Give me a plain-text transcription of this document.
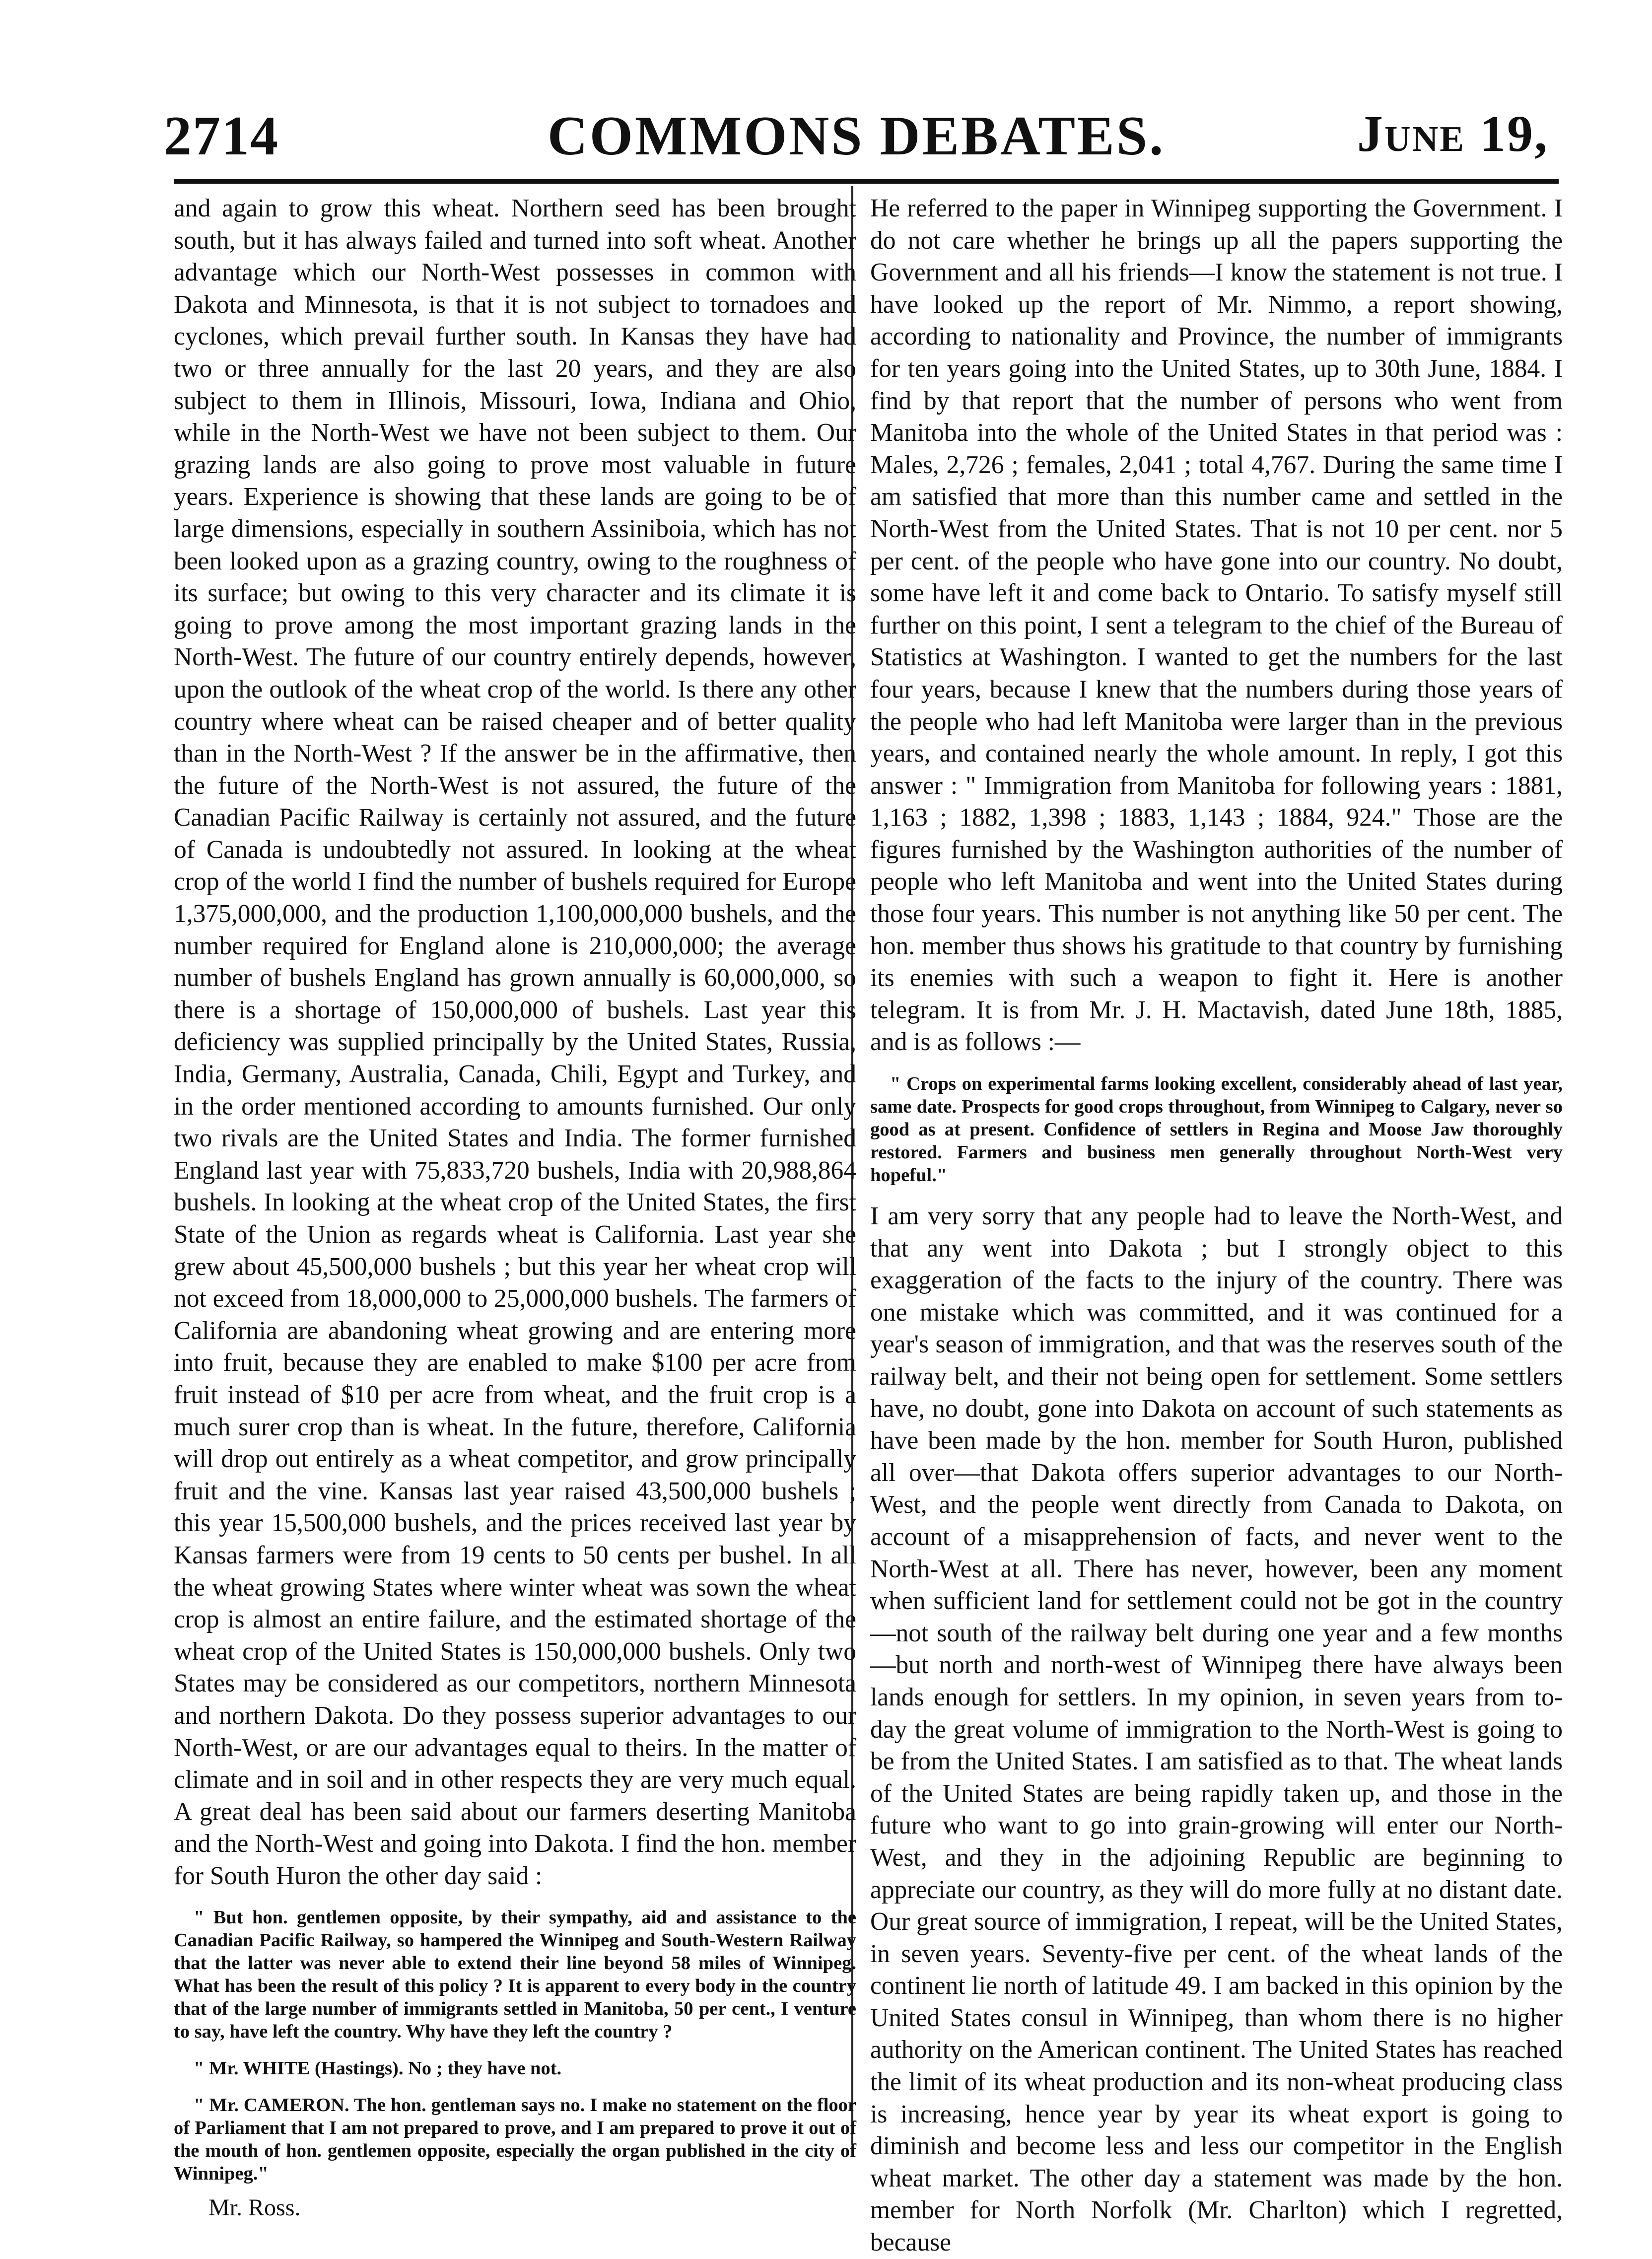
2714	COMMONS DEBATES.	June 19,

and again to grow this wheat. Northern seed has been brought south, but it has always failed and turned into soft wheat. Another advantage which our North-West possesses in common with Dakota and Minnesota, is that it is not subject to tornadoes and cyclones, which prevail further south. In Kansas they have had two or three annually for the last 20 years, and they are also subject to them in Illinois, Missouri, Iowa, Indiana and Ohio, while in the North-West we have not been subject to them. Our grazing lands are also going to prove most valuable in future years. Experience is showing that these lands are going to be of large dimensions, especially in southern Assiniboia, which has not been looked upon as a grazing country, owing to the roughness of its surface; but owing to this very character and its climate it is going to prove among the most important grazing lands in the North-West. The future of our country entirely depends, however, upon the outlook of the wheat crop of the world. Is there any other country where wheat can be raised cheaper and of better quality than in the North-West ? If the answer be in the affirmative, then the future of the North-West is not assured, the future of the Canadian Pacific Railway is certainly not assured, and the future of Canada is undoubtedly not assured. In looking at the wheat crop of the world I find the number of bushels required for Europe 1,375,000,000, and the production 1,100,000,000 bushels, and the number required for England alone is 210,000,000; the average number of bushels England has grown annually is 60,000,000, so there is a shortage of 150,000,000 of bushels. Last year this deficiency was supplied principally by the United States, Russia, India, Germany, Australia, Canada, Chili, Egypt and Turkey, and in the order mentioned according to amounts furnished. Our only two rivals are the United States and India. The former furnished England last year with 75,833,720 bushels, India with 20,988,864 bushels. In looking at the wheat crop of the United States, the first State of the Union as regards wheat is California. Last year she grew about 45,500,000 bushels ; but this year her wheat crop will not exceed from 18,000,000 to 25,000,000 bushels. The farmers of California are abandoning wheat growing and are entering more into fruit, because they are enabled to make $100 per acre from fruit instead of $10 per acre from wheat, and the fruit crop is a much surer crop than is wheat. In the future, therefore, California will drop out entirely as a wheat competitor, and grow principally fruit and the vine. Kansas last year raised 43,500,000 bushels ; this year 15,500,000 bushels, and the prices received last year by Kansas farmers were from 19 cents to 50 cents per bushel. In all the wheat growing States where winter wheat was sown the wheat crop is almost an entire failure, and the estimated shortage of the wheat crop of the United States is 150,000,000 bushels. Only two States may be considered as our competitors, northern Minnesota and northern Dakota. Do they possess superior advantages to our North-West, or are our advantages equal to theirs. In the matter of climate and in soil and in other respects they are very much equal. A great deal has been said about our farmers deserting Manitoba and the North-West and going into Dakota. I find the hon. member for South Huron the other day said :

" But hon. gentlemen opposite, by their sympathy, aid and assistance to the Canadian Pacific Railway, so hampered the Winnipeg and South-Western Railway that the latter was never able to extend their line beyond 58 miles of Winnipeg. What has been the result of this policy ? It is apparent to every body in the country that of the large number of immigrants settled in Manitoba, 50 per cent., I venture to say, have left the country. Why have they left the country ?

" Mr. WHITE (Hastings). No ; they have not.

" Mr. CAMERON. The hon. gentleman says no. I make no statement on the floor of Parliament that I am not prepared to prove, and I am prepared to prove it out of the mouth of hon. gentlemen opposite, especially the organ published in the city of Winnipeg."

Mr. Ross.

He referred to the paper in Winnipeg supporting the Government. I do not care whether he brings up all the papers supporting the Government and all his friends—I know the statement is not true. I have looked up the report of Mr. Nimmo, a report showing, according to nationality and Province, the number of immigrants for ten years going into the United States, up to 30th June, 1884. I find by that report that the number of persons who went from Manitoba into the whole of the United States in that period was : Males, 2,726 ; females, 2,041 ; total 4,767. During the same time I am satisfied that more than this number came and settled in the North-West from the United States. That is not 10 per cent. nor 5 per cent. of the people who have gone into our country. No doubt, some have left it and come back to Ontario. To satisfy myself still further on this point, I sent a telegram to the chief of the Bureau of Statistics at Washington. I wanted to get the numbers for the last four years, because I knew that the numbers during those years of the people who had left Manitoba were larger than in the previous years, and contained nearly the whole amount. In reply, I got this answer : " Immigration from Manitoba for following years : 1881, 1,163 ; 1882, 1,398 ; 1883, 1,143 ; 1884, 924." Those are the figures furnished by the Washington authorities of the number of people who left Manitoba and went into the United States during those four years. This number is not anything like 50 per cent. The hon. member thus shows his gratitude to that country by furnishing its enemies with such a weapon to fight it. Here is another telegram. It is from Mr. J. H. Mactavish, dated June 18th, 1885, and is as follows :—

" Crops on experimental farms looking excellent, considerably ahead of last year, same date. Prospects for good crops throughout, from Winnipeg to Calgary, never so good as at present. Confidence of settlers in Regina and Moose Jaw thoroughly restored. Farmers and business men generally throughout North-West very hopeful."

I am very sorry that any people had to leave the North-West, and that any went into Dakota ; but I strongly object to this exaggeration of the facts to the injury of the country. There was one mistake which was committed, and it was continued for a year's season of immigration, and that was the reserves south of the railway belt, and their not being open for settlement. Some settlers have, no doubt, gone into Dakota on account of such statements as have been made by the hon. member for South Huron, published all over—that Dakota offers superior advantages to our North-West, and the people went directly from Canada to Dakota, on account of a misapprehension of facts, and never went to the North-West at all. There has never, however, been any moment when sufficient land for settlement could not be got in the country—not south of the railway belt during one year and a few months—but north and north-west of Winnipeg there have always been lands enough for settlers. In my opinion, in seven years from to-day the great volume of immigration to the North-West is going to be from the United States. I am satisfied as to that. The wheat lands of the United States are being rapidly taken up, and those in the future who want to go into grain-growing will enter our North-West, and they in the adjoining Republic are beginning to appreciate our country, as they will do more fully at no distant date. Our great source of immigration, I repeat, will be the United States, in seven years. Seventy-five per cent. of the wheat lands of the continent lie north of latitude 49. I am backed in this opinion by the United States consul in Winnipeg, than whom there is no higher authority on the American continent. The United States has reached the limit of its wheat production and its non-wheat producing class is increasing, hence year by year its wheat export is going to diminish and become less and less our competitor in the English wheat market. The other day a statement was made by the hon. member for North Norfolk (Mr. Charlton) which I regretted, because
